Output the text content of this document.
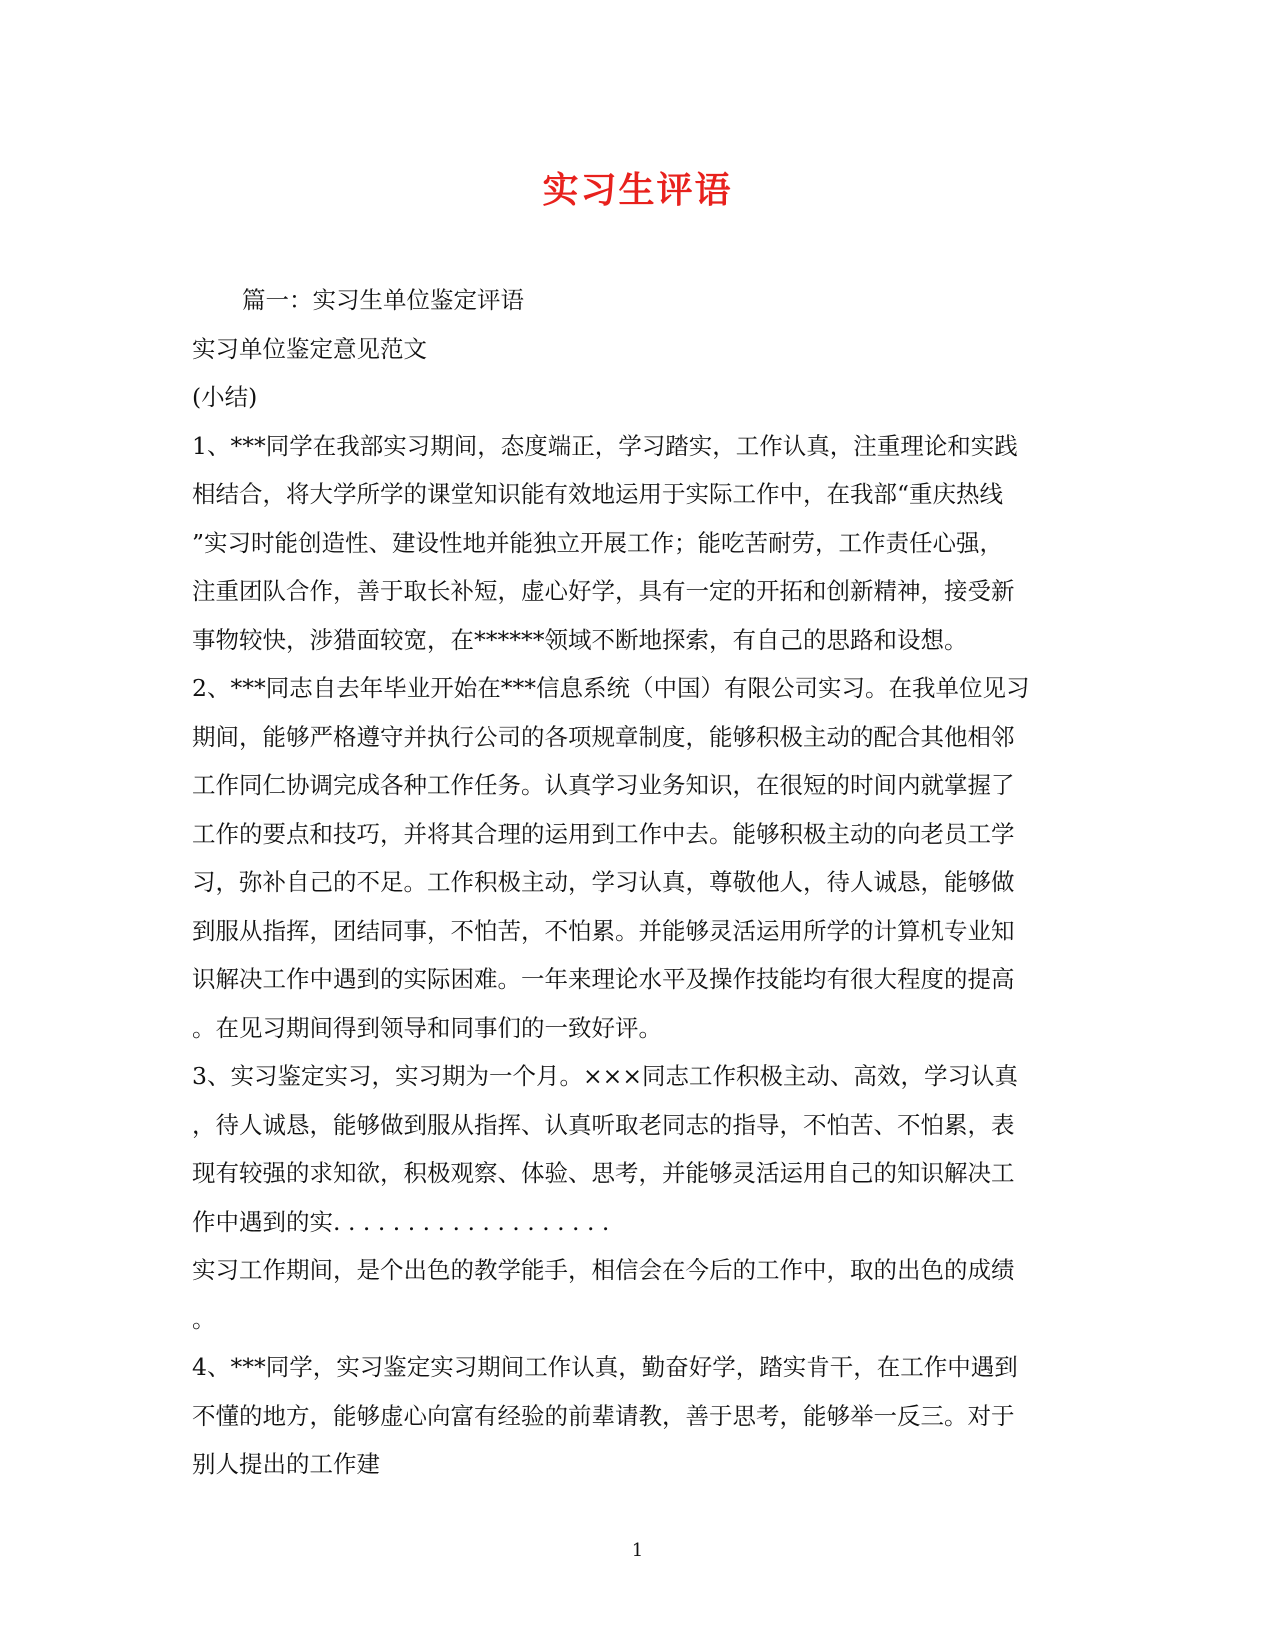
实习生评语
篇一：实习生单位鉴定评语
实习单位鉴定意见范文
(小结)
1、***同学在我部实习期间，态度端正，学习踏实，工作认真，注重理论和实践
相结合，将大学所学的课堂知识能有效地运用于实际工作中，在我部“重庆热线
”实习时能创造性、建设性地并能独立开展工作；能吃苦耐劳，工作责任心强，
注重团队合作，善于取长补短，虚心好学，具有一定的开拓和创新精神，接受新
事物较快，涉猎面较宽，在******领域不断地探索，有自己的思路和设想。
2、***同志自去年毕业开始在***信息系统（中国）有限公司实习。在我单位见习
期间，能够严格遵守并执行公司的各项规章制度，能够积极主动的配合其他相邻
工作同仁协调完成各种工作任务。认真学习业务知识，在很短的时间内就掌握了
工作的要点和技巧，并将其合理的运用到工作中去。能够积极主动的向老员工学
习，弥补自己的不足。工作积极主动，学习认真，尊敬他人，待人诚恳，能够做
到服从指挥，团结同事，不怕苦，不怕累。并能够灵活运用所学的计算机专业知
识解决工作中遇到的实际困难。一年来理论水平及操作技能均有很大程度的提高
。在见习期间得到领导和同事们的一致好评。
3、实习鉴定实习，实习期为一个月。×××同志工作积极主动、高效，学习认真
，待人诚恳，能够做到服从指挥、认真听取老同志的指导，不怕苦、不怕累，表
现有较强的求知欲，积极观察、体验、思考，并能够灵活运用自己的知识解决工
作中遇到的实. . . . . . . . . . . . . . . . . . .
实习工作期间，是个出色的教学能手，相信会在今后的工作中，取的出色的成绩
。
4、***同学，实习鉴定实习期间工作认真，勤奋好学，踏实肯干，在工作中遇到
不懂的地方，能够虚心向富有经验的前辈请教，善于思考，能够举一反三。对于
别人提出的工作建
1
